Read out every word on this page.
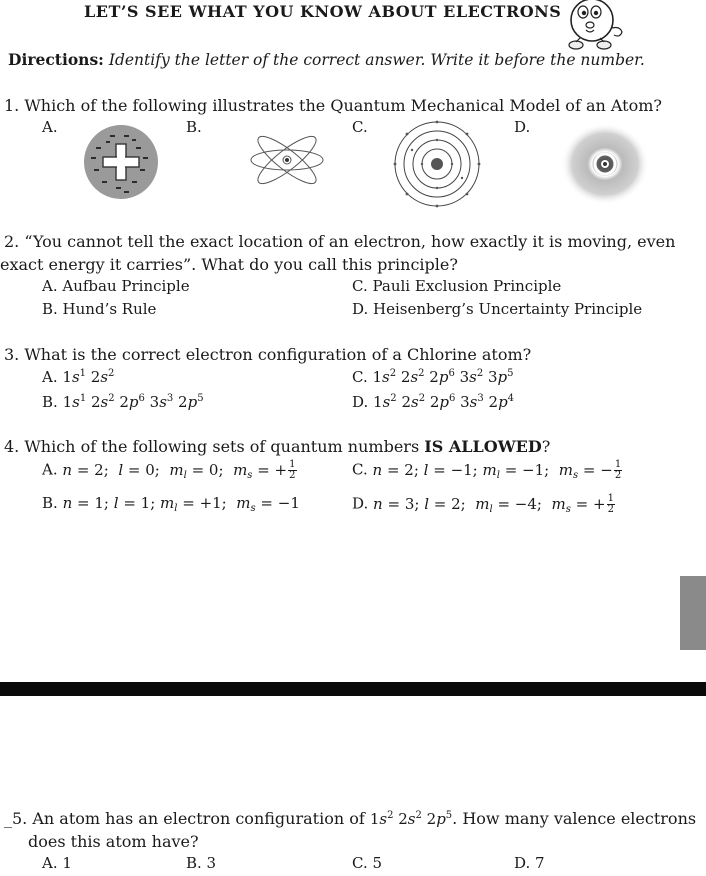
LET’S SEE WHAT YOU KNOW ABOUT ELECTRONS
Directions: Identify the letter of the correct answer. Write it before the number.
1. Which of the following illustrates the Quantum Mechanical Model of an Atom?
A.	B.	C.	D.
2. “You cannot tell the exact location of an electron, how exactly it is moving, even
exact energy it carries”. What do you call this principle?
A. Aufbau Principle	C. Pauli Exclusion Principle
B. Hund’s Rule	D. Heisenberg’s Uncertainty Principle
3. What is the correct electron configuration of a Chlorine atom?
A. $1s^1$ $2s^2$	C. $1s^2$ $2s^2$ $2p^6$ $3s^2$ $3p^5$
B. $1s^1$ $2s^2$ $2p^6$ $3s^3$ $2p^5$	D. $1s^2$ $2s^2$ $2p^6$ $3s^3$ $2p^4$
4. Which of the following sets of quantum numbers IS ALLOWED?
A. n = 2;  l = 0;  $m_l = 0$;  $m_s$ = + $\frac{1}{2}$	C. n = 2; l = −1; $m_l = -1$;  $m_s$ = − $\frac{1}{2}$
B. n = 1; l = 1; $m_l = +1$;  $m_s = -1$	D. n = 3; l = 2;  $m_l = -4$;  $m_s$ = + $\frac{1}{2}$
_5. An atom has an electron configuration of $1s^2$ $2s^2$ $2p^5$. How many valence electrons
does this atom have?
A. 1	B. 3	C. 5	D. 7
